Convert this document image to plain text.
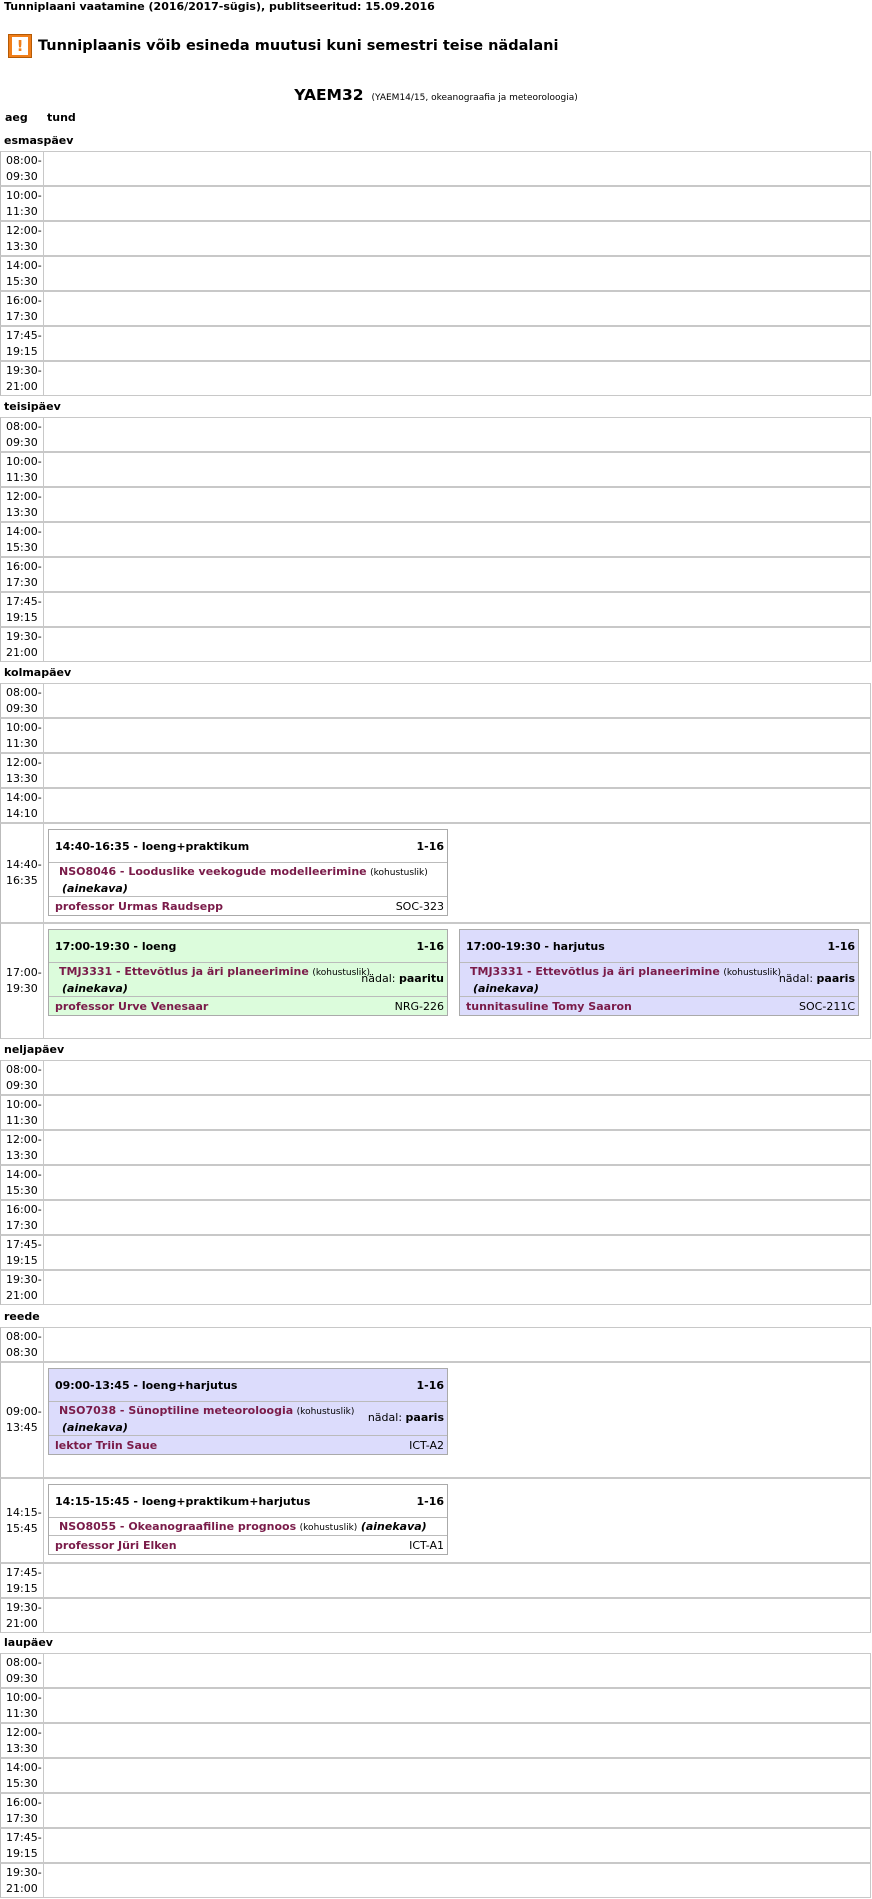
Tunniplaani vaatamine (2016/2017-sügis), publitseeritud: 15.09.2016
!	Tunniplaanis võib esineda muutusi kuni semestri teise nädalani
YAEM32 (YAEM14/15, okeanograafia ja meteoroloogia)
aeg tund
esmaspäev
08:00-
09:30
10:00-
11:30
12:00-
13:30
14:00-
15:30
16:00-
17:30
17:45-
19:15
19:30-
21:00
teisipäev
08:00-
09:30
10:00-
11:30
12:00-
13:30
14:00-
15:30
16:00-
17:30
17:45-
19:15
19:30-
21:00
kolmapäev
08:00-
09:30
10:00-
11:30
12:00-
13:30
14:00-
14:10
14:40-
16:35
14:40-16:35 - loeng+praktikum	1-16
NSO8046 - Looduslike veekogude modelleerimine (kohustuslik)
(ainekava)
professor Urmas Raudsepp	SOC-323
17:00-
19:30
17:00-19:30 - loeng	1-16
TMJ3331 - Ettevõtlus ja äri planeerimine (kohustuslik)
(ainekava)
nädal: paaritu
professor Urve Venesaar	NRG-226
17:00-19:30 - harjutus	1-16
TMJ3331 - Ettevõtlus ja äri planeerimine (kohustuslik)
(ainekava)
nädal: paaris
tunnitasuline Tomy Saaron	SOC-211C
neljapäev
08:00-
09:30
10:00-
11:30
12:00-
13:30
14:00-
15:30
16:00-
17:30
17:45-
19:15
19:30-
21:00
reede
08:00-
08:30
09:00-
13:45
09:00-13:45 - loeng+harjutus	1-16
NSO7038 - Sünoptiline meteoroloogia (kohustuslik)
(ainekava)
nädal: paaris
lektor Triin Saue	ICT-A2
14:15-
15:45
14:15-15:45 - loeng+praktikum+harjutus	1-16
NSO8055 - Okeanograafiline prognoos (kohustuslik) (ainekava)
professor Jüri Elken	ICT-A1
17:45-
19:15
19:30-
21:00
laupäev
08:00-
09:30
10:00-
11:30
12:00-
13:30
14:00-
15:30
16:00-
17:30
17:45-
19:15
19:30-
21:00
